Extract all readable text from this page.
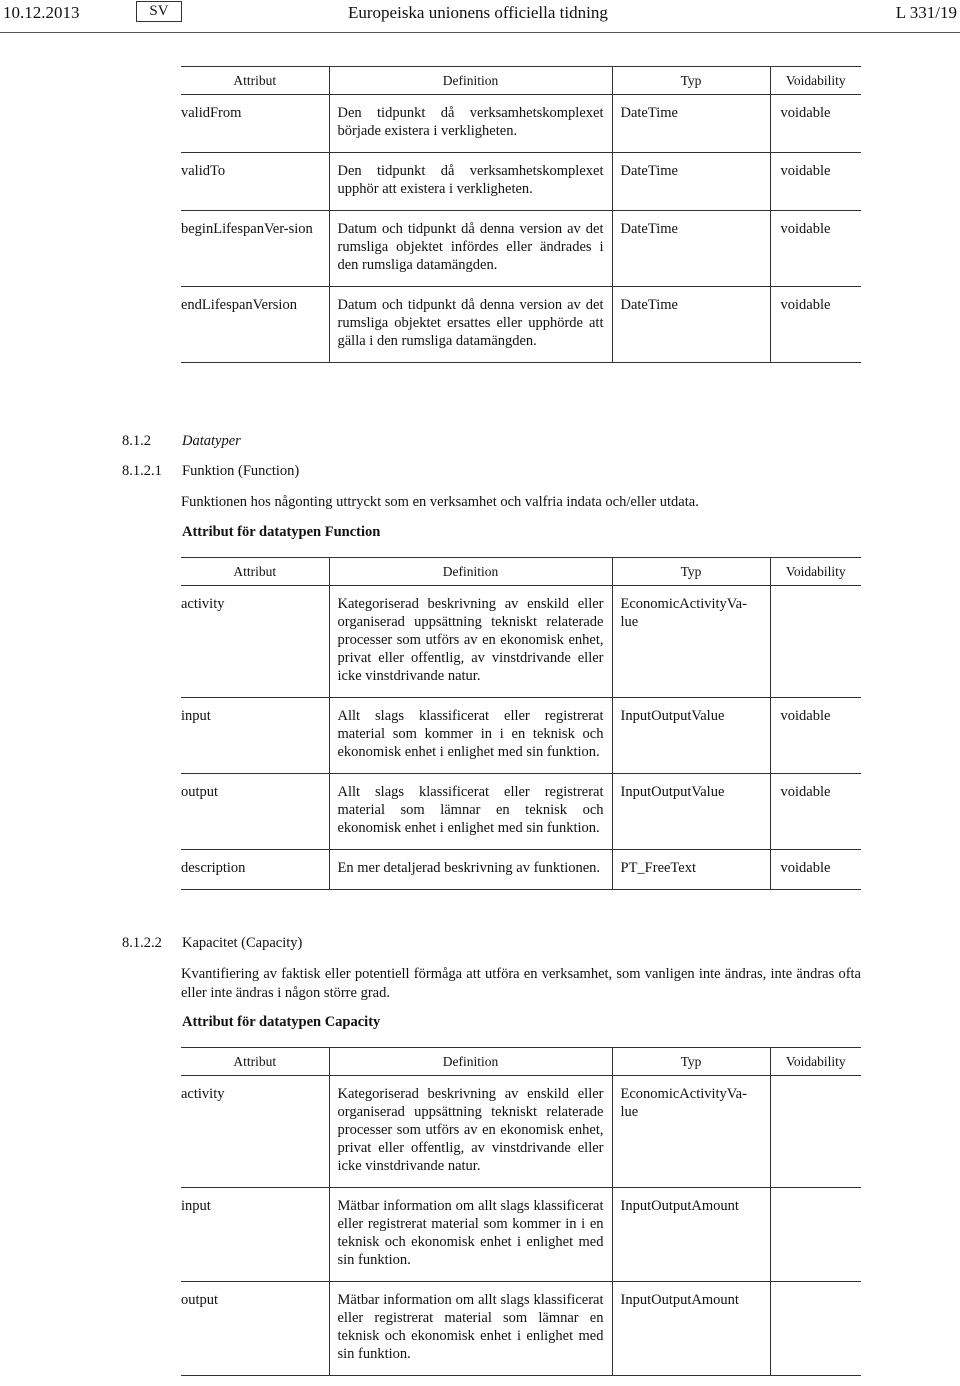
10.12.2013	SV	Europeiska unionens officiella tidning	L 331/19
Attribut	Definition	Typ	Voidability
validFrom	Den tidpunkt då verksamhetskomplexet började existera i verkligheten.	DateTime	voidable
validTo	Den tidpunkt då verksamhetskomplexet upphör att existera i verkligheten.	DateTime	voidable
beginLifespanVer-sion	Datum och tidpunkt då denna version av det rumsliga objektet infördes eller ändrades i den rumsliga datamängden.	DateTime	voidable
endLifespanVersion	Datum och tidpunkt då denna version av det rumsliga objektet ersattes eller upphörde att gälla i den rumsliga datamängden.	DateTime	voidable
8.1.2 Datatyper
8.1.2.1 Funktion (Function)
Funktionen hos någonting uttryckt som en verksamhet och valfria indata och/eller utdata.
Attribut för datatypen Function
Attribut	Definition	Typ	Voidability
activity	Kategoriserad beskrivning av enskild eller organiserad uppsättning tekniskt relaterade processer som utförs av en ekonomisk enhet, privat eller offentlig, av vinstdrivande eller icke vinstdrivande natur.	EconomicActivityVa-lue	
input	Allt slags klassificerat eller registrerat material som kommer in i en teknisk och ekonomisk enhet i enlighet med sin funktion.	InputOutputValue	voidable
output	Allt slags klassificerat eller registrerat material som lämnar en teknisk och ekonomisk enhet i enlighet med sin funktion.	InputOutputValue	voidable
description	En mer detaljerad beskrivning av funktionen.	PT_FreeText	voidable
8.1.2.2 Kapacitet (Capacity)
Kvantifiering av faktisk eller potentiell förmåga att utföra en verksamhet, som vanligen inte ändras, inte ändras ofta eller inte ändras i någon större grad.
Attribut för datatypen Capacity
Attribut	Definition	Typ	Voidability
activity	Kategoriserad beskrivning av enskild eller organiserad uppsättning tekniskt relaterade processer som utförs av en ekonomisk enhet, privat eller offentlig, av vinstdrivande eller icke vinstdrivande natur.	EconomicActivityVa-lue	
input	Mätbar information om allt slags klassificerat eller registrerat material som kommer in i en teknisk och ekonomisk enhet i enlighet med sin funktion.	InputOutputAmount	
output	Mätbar information om allt slags klassificerat eller registrerat material som lämnar en teknisk och ekonomisk enhet i enlighet med sin funktion.	InputOutputAmount	
